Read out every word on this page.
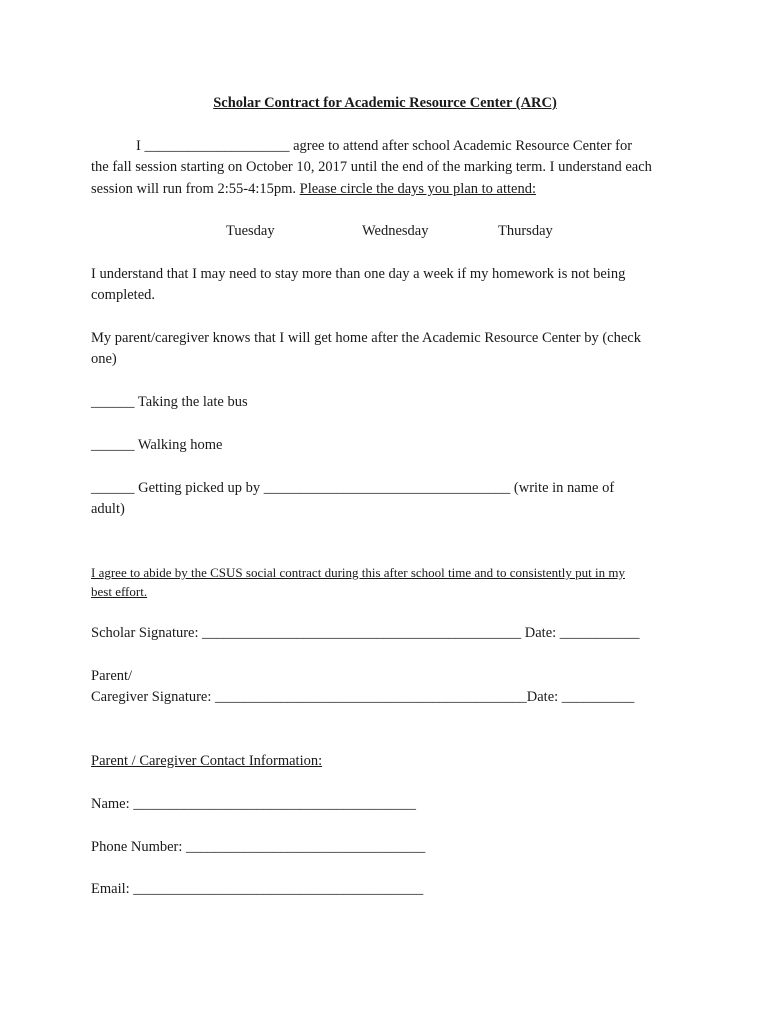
Scholar Contract for Academic Resource Center (ARC)
I ____________________ agree to attend after school Academic Resource Center for
the fall session starting on October 10, 2017 until the end of the marking term. I understand each
session will run from 2:55-4:15pm. Please circle the days you plan to attend:
Tuesday	Wednesday	Thursday
I understand that I may need to stay more than one day a week if my homework is not being
completed.
My parent/caregiver knows that I will get home after the Academic Resource Center by (check
one)
______ Taking the late bus
______ Walking home
______ Getting picked up by __________________________________ (write in name of
adult)
I agree to abide by the CSUS social contract during this after school time and to consistently put in my
best effort.
Scholar Signature: ____________________________________________ Date: ___________
Parent/
Caregiver Signature: ___________________________________________Date: __________
Parent / Caregiver Contact Information:
Name: _______________________________________
Phone Number: _________________________________
Email: ________________________________________
